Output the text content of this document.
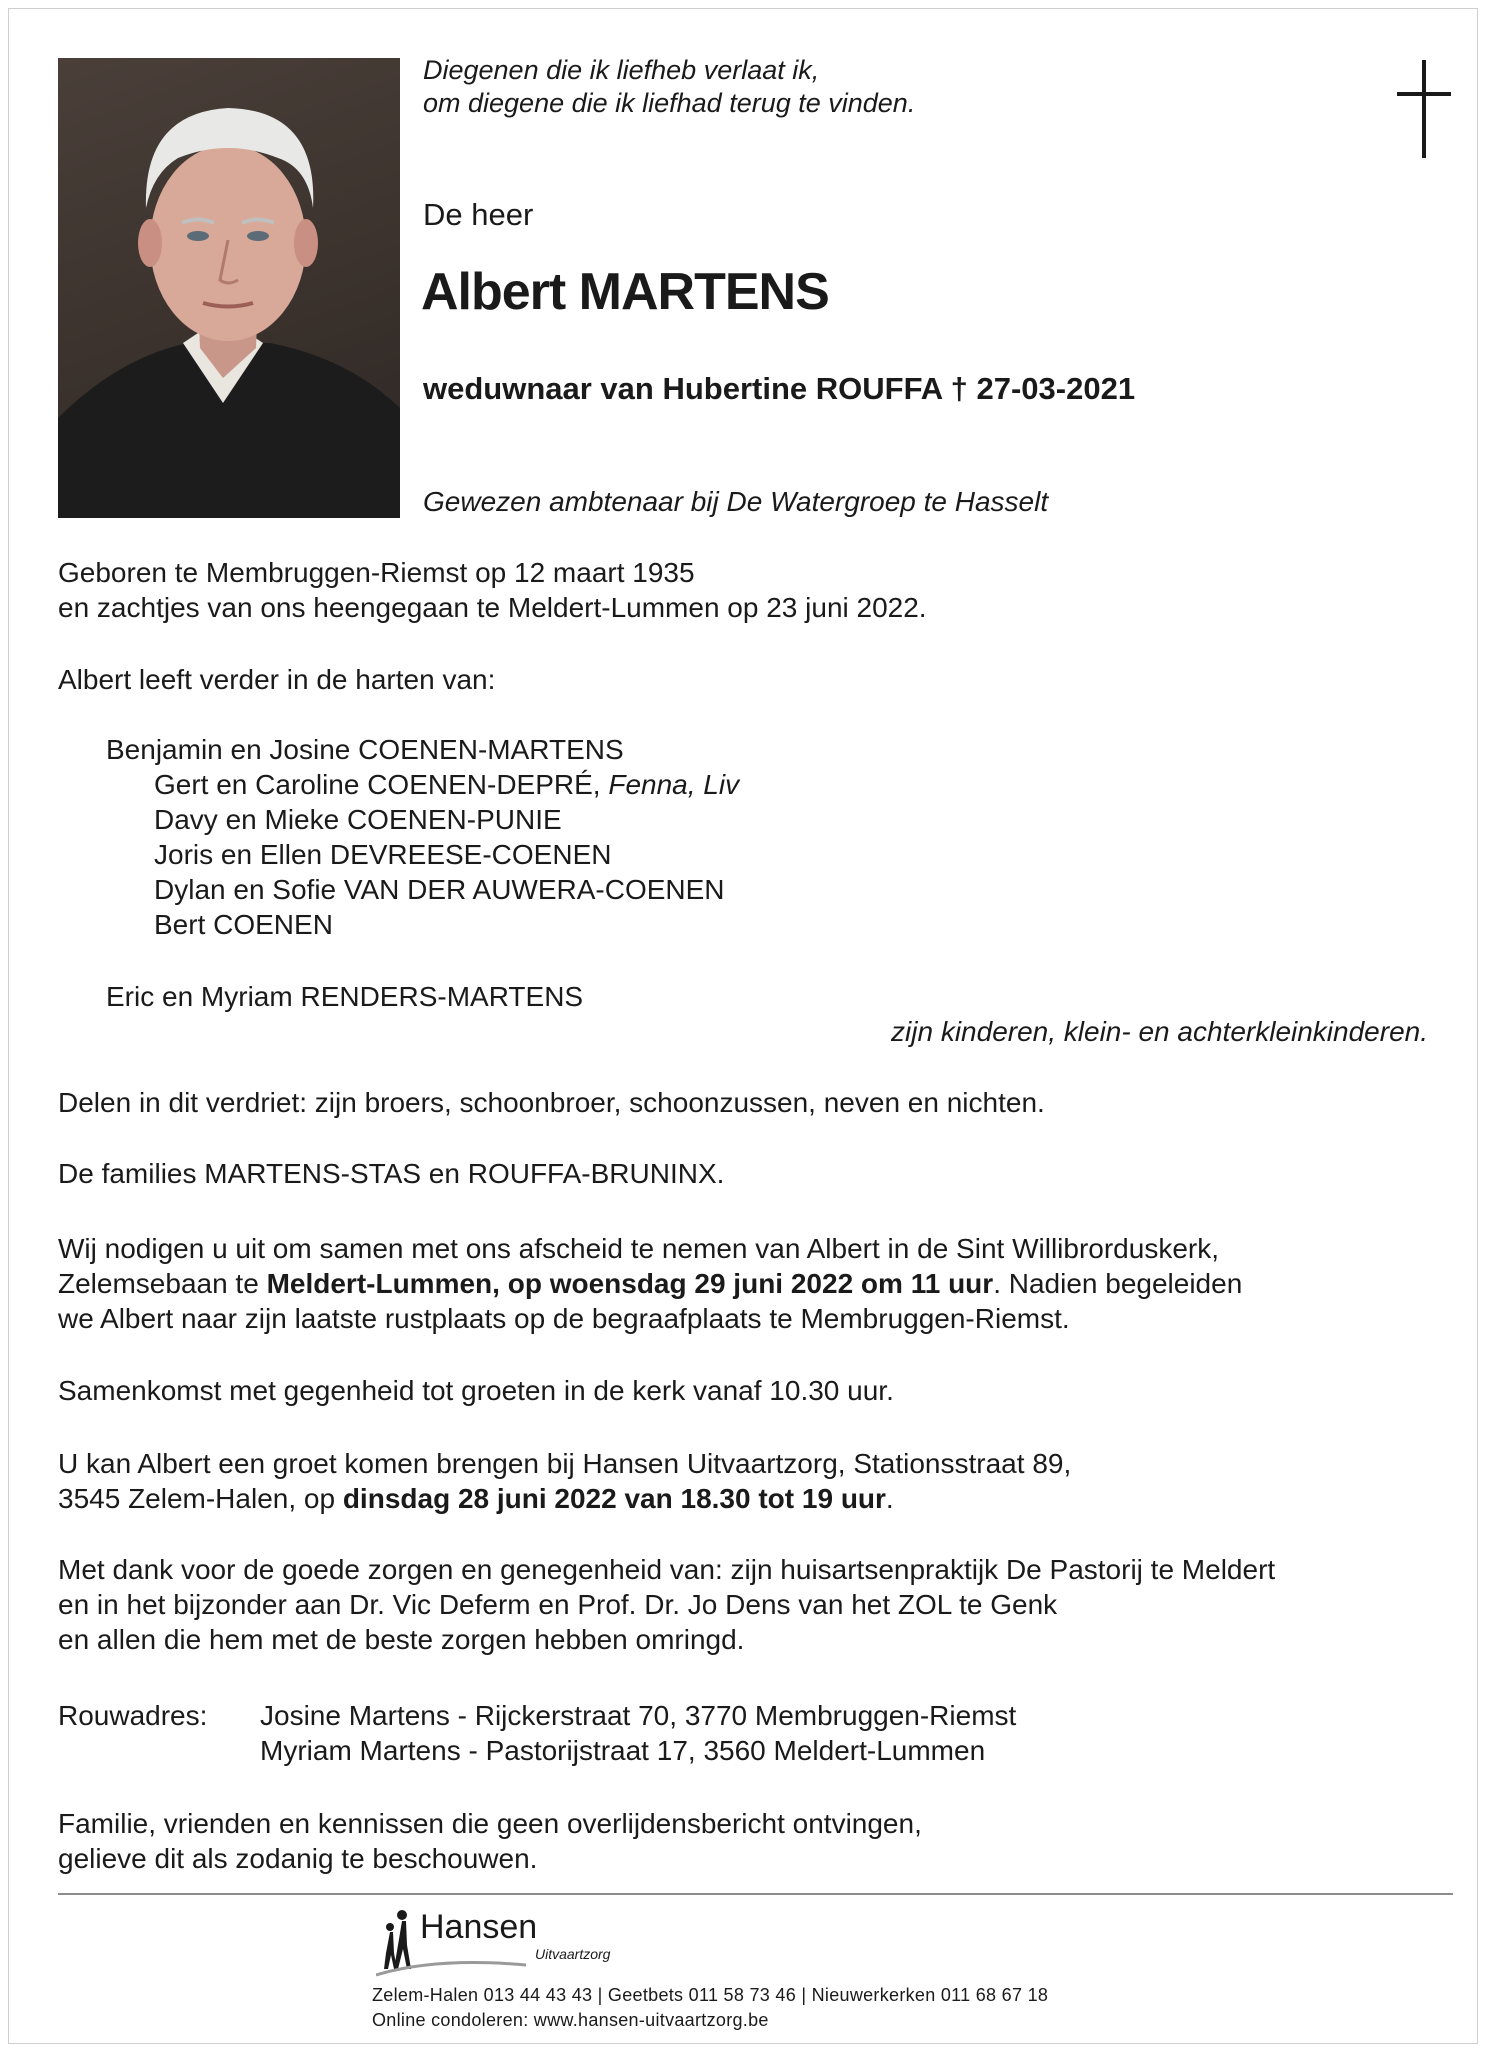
Diegenen die ik liefheb verlaat ik,
om diegene die ik liefhad terug te vinden.
De heer
Albert MARTENS
weduwnaar van Hubertine ROUFFA † 27-03-2021
Gewezen ambtenaar bij De Watergroep te Hasselt
Geboren te Membruggen-Riemst op 12 maart 1935
en zachtjes van ons heengegaan te Meldert-Lummen op 23 juni 2022.
Albert leeft verder in de harten van:
Benjamin en Josine COENEN-MARTENS
Gert en Caroline COENEN-DEPRÉ, Fenna, Liv
Davy en Mieke COENEN-PUNIE
Joris en Ellen DEVREESE-COENEN
Dylan en Sofie VAN DER AUWERA-COENEN
Bert COENEN
Eric en Myriam RENDERS-MARTENS
zijn kinderen, klein- en achterkleinkinderen.
Delen in dit verdriet: zijn broers, schoonbroer, schoonzussen, neven en nichten.
De families MARTENS-STAS en ROUFFA-BRUNINX.
Wij nodigen u uit om samen met ons afscheid te nemen van Albert in de Sint Willibrorduskerk,
Zelemsebaan te Meldert-Lummen, op woensdag 29 juni 2022 om 11 uur. Nadien begeleiden
we Albert naar zijn laatste rustplaats op de begraafplaats te Membruggen-Riemst.
Samenkomst met gegenheid tot groeten in de kerk vanaf 10.30 uur.
U kan Albert een groet komen brengen bij Hansen Uitvaartzorg, Stationsstraat 89,
3545 Zelem-Halen, op dinsdag 28 juni 2022 van 18.30 tot 19 uur.
Met dank voor de goede zorgen en genegenheid van: zijn huisartsenpraktijk De Pastorij te Meldert
en in het bijzonder aan Dr. Vic Deferm en Prof. Dr. Jo Dens van het ZOL te Genk
en allen die hem met de beste zorgen hebben omringd.
Rouwadres: Josine Martens - Rijckerstraat 70, 3770 Membruggen-Riemst
Myriam Martens - Pastorijstraat 17, 3560 Meldert-Lummen
Familie, vrienden en kennissen die geen overlijdensbericht ontvingen,
gelieve dit als zodanig te beschouwen.
Hansen
Uitvaartzorg
Zelem-Halen 013 44 43 43 | Geetbets 011 58 73 46 | Nieuwerkerken 011 68 67 18
Online condoleren: www.hansen-uitvaartzorg.be
